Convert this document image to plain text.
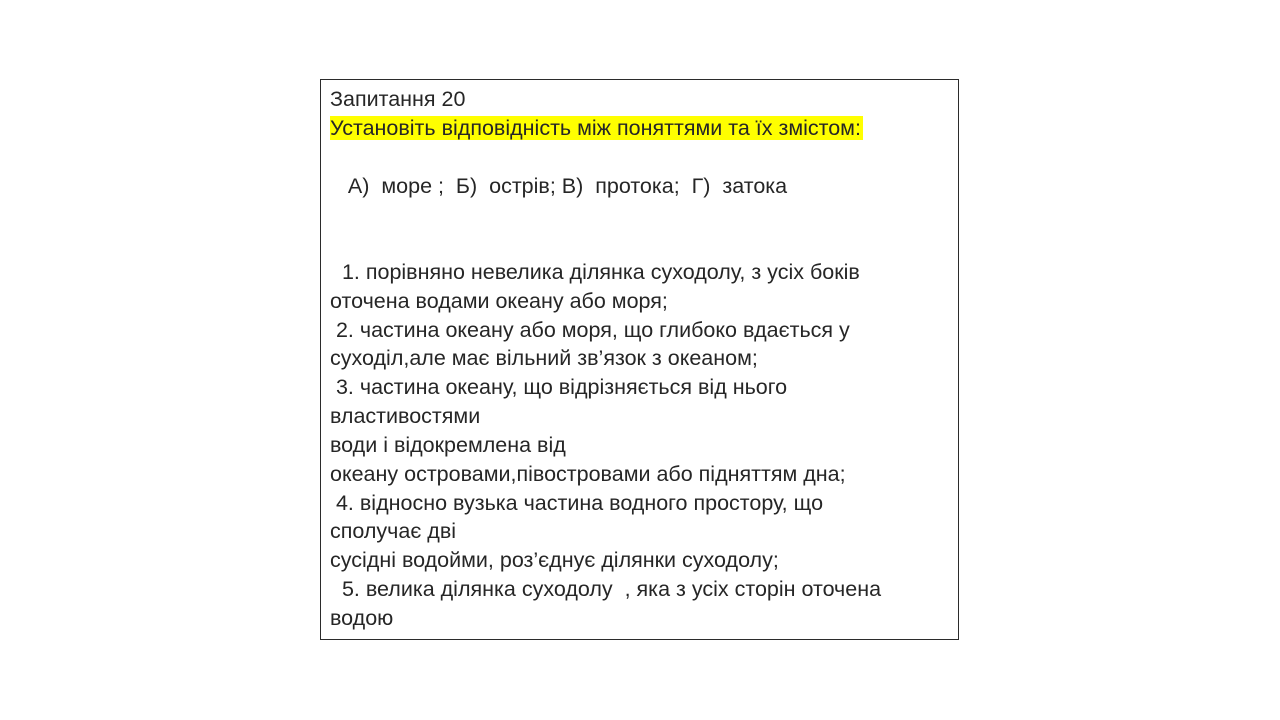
Запитання 20
Установіть відповідність між поняттями та їх змістом:
А)  море ;  Б)  острів; В)  протока;  Г)  затока
1. порівняно невелика ділянка суходолу, з усіх боків
оточена водами океану або моря;
2. частина океану або моря, що глибоко вдається у
суходіл,але має вільний зв’язок з океаном;
3. частина океану, що відрізняється від нього
властивостями
води і відокремлена від
океану островами,півостровами або підняттям дна;
4. відносно вузька частина водного простору, що
сполучає дві
сусідні водойми, роз’єднує ділянки суходолу;
5. велика ділянка суходолу  , яка з усіх сторін оточена
водою
